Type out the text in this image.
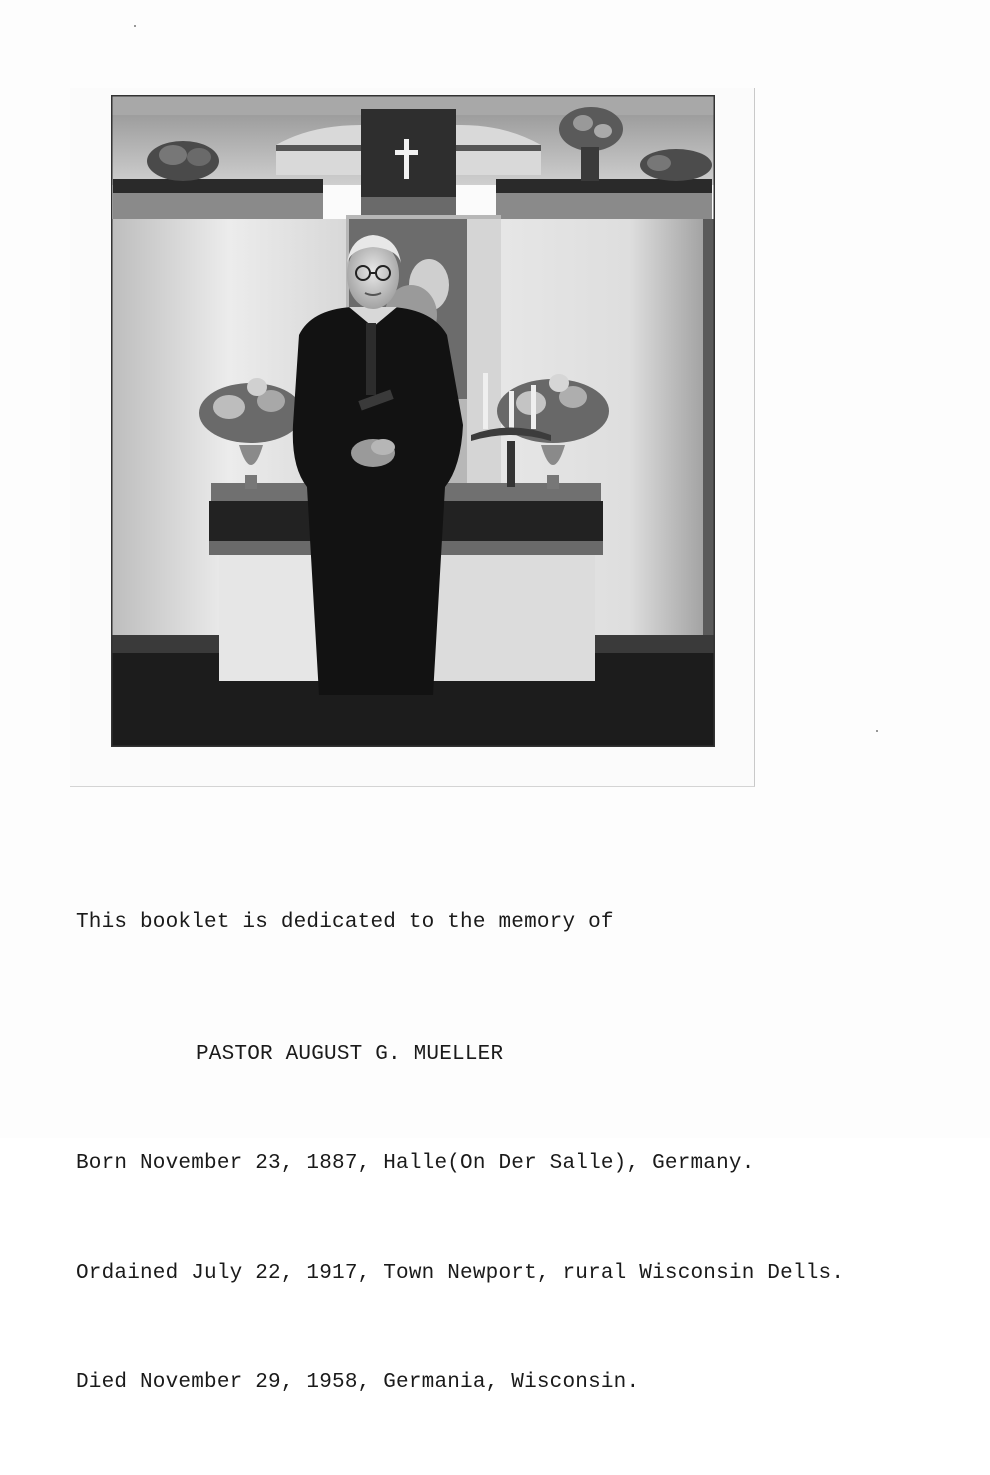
This booklet is dedicated to the memory of

PASTOR AUGUST G. MUELLER

Born November 23, 1887, Halle(On Der Salle), Germany.

Ordained July 22, 1917, Town Newport, rural Wisconsin Dells.

Died November 29, 1958, Germania, Wisconsin.
